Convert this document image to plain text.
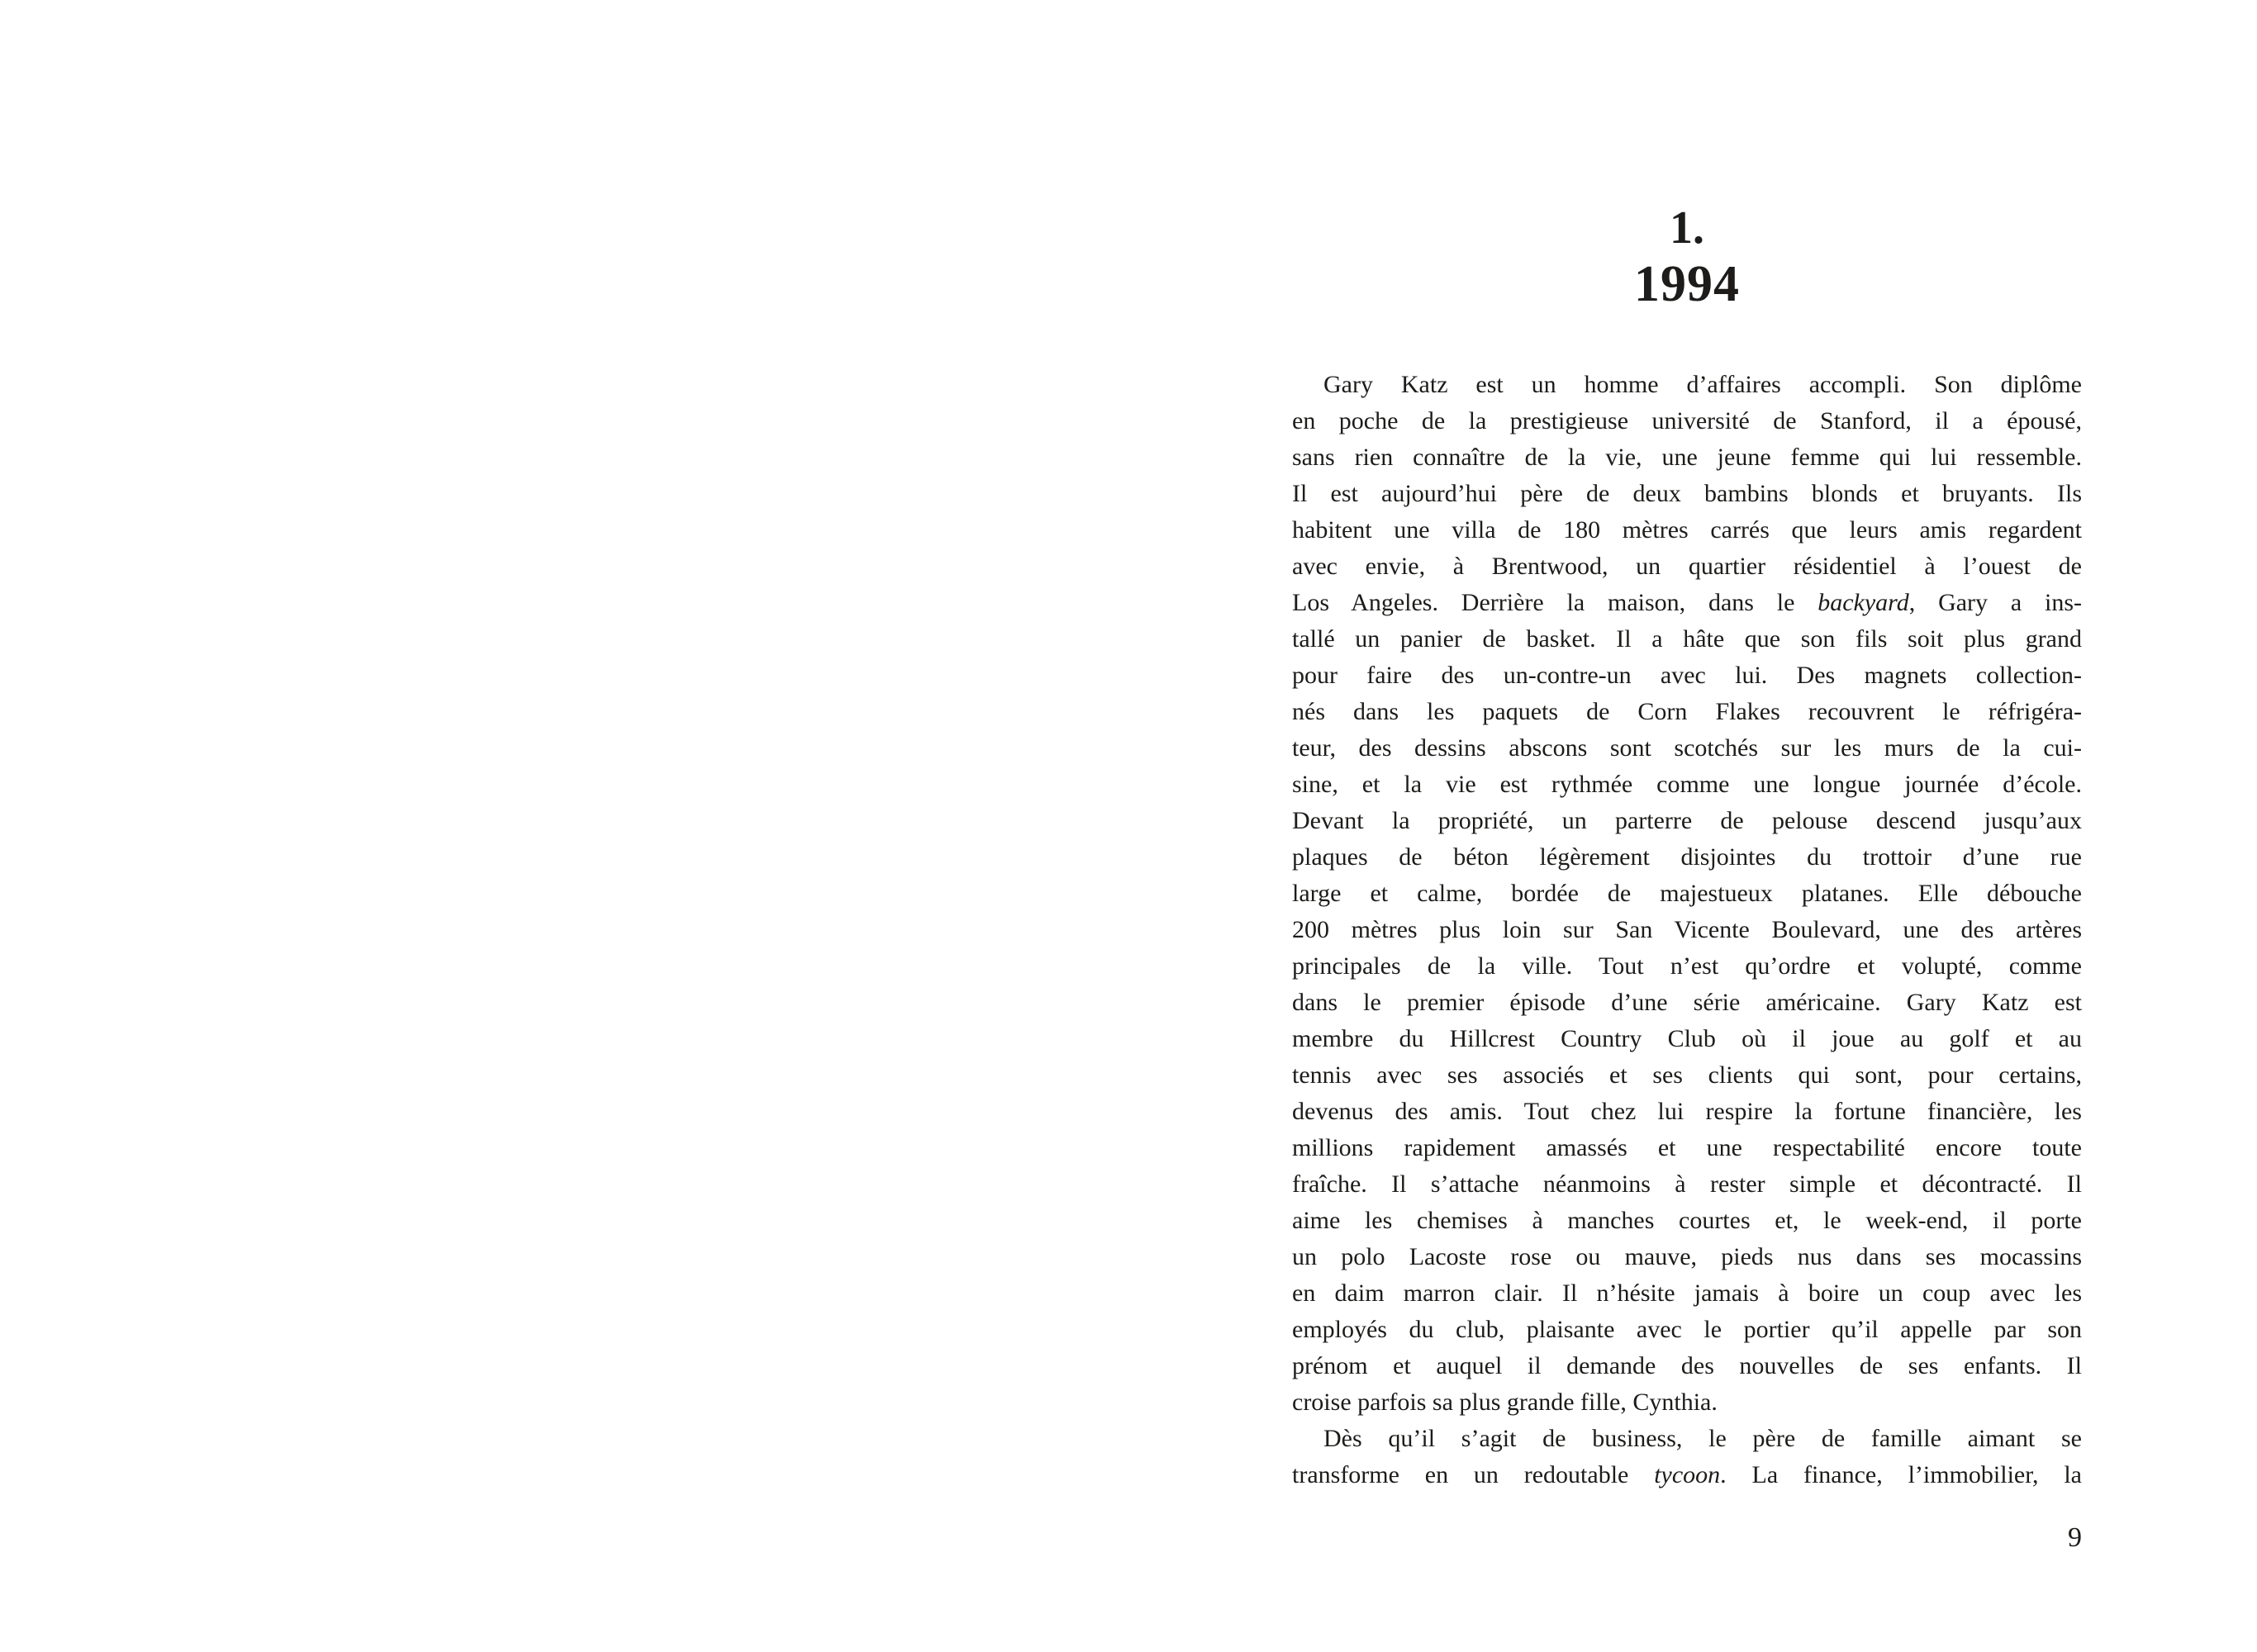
1.
1994
Gary Katz est un homme d’affaires accompli. Son diplôme
en poche de la prestigieuse université de Stanford, il a épousé,
sans rien connaître de la vie, une jeune femme qui lui ressemble.
Il est aujourd’hui père de deux bambins blonds et bruyants. Ils
habitent une villa de 180 mètres carrés que leurs amis regardent
avec envie, à Brentwood, un quartier résidentiel à l’ouest de
Los Angeles. Derrière la maison, dans le backyard, Gary a ins-
tallé un panier de basket. Il a hâte que son fils soit plus grand
pour faire des un-contre-un avec lui. Des magnets collection-
nés dans les paquets de Corn Flakes recouvrent le réfrigéra-
teur, des dessins abscons sont scotchés sur les murs de la cui-
sine, et la vie est rythmée comme une longue journée d’école.
Devant la propriété, un parterre de pelouse descend jusqu’aux
plaques de béton légèrement disjointes du trottoir d’une rue
large et calme, bordée de majestueux platanes. Elle débouche
200 mètres plus loin sur San Vicente Boulevard, une des artères
principales de la ville. Tout n’est qu’ordre et volupté, comme
dans le premier épisode d’une série américaine. Gary Katz est
membre du Hillcrest Country Club où il joue au golf et au
tennis avec ses associés et ses clients qui sont, pour certains,
devenus des amis. Tout chez lui respire la fortune financière, les
millions rapidement amassés et une respectabilité encore toute
fraîche. Il s’attache néanmoins à rester simple et décontracté. Il
aime les chemises à manches courtes et, le week-end, il porte
un polo Lacoste rose ou mauve, pieds nus dans ses mocassins
en daim marron clair. Il n’hésite jamais à boire un coup avec les
employés du club, plaisante avec le portier qu’il appelle par son
prénom et auquel il demande des nouvelles de ses enfants. Il
croise parfois sa plus grande fille, Cynthia.
Dès qu’il s’agit de business, le père de famille aimant se
transforme en un redoutable tycoon. La finance, l’immobilier, la
9
